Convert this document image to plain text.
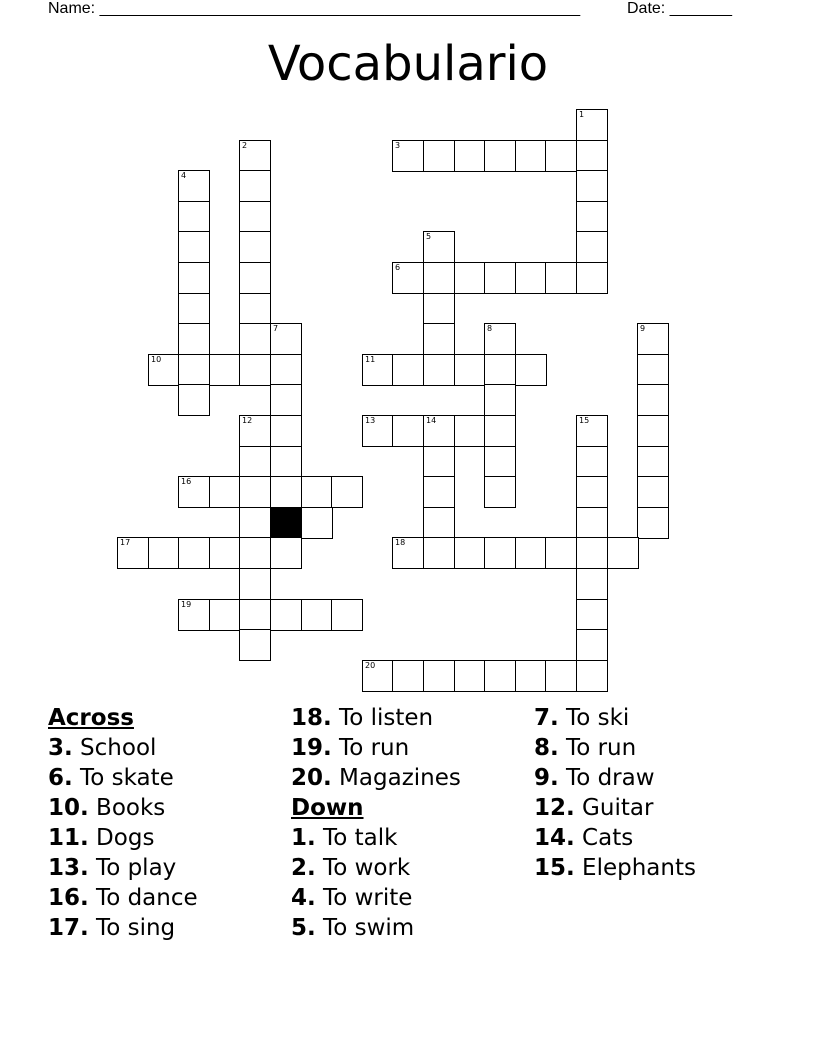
Name: ______________________________________________________	Date: _______
Vocabulario
1
2	3
4
5
6
7	8	9
10	11
12	13	14	15
16
17	18
19
20
Across
3. School
6. To skate
10. Books
11. Dogs
13. To play
16. To dance
17. To sing
18. To listen
19. To run
20. Magazines
Down
1. To talk
2. To work
4. To write
5. To swim
7. To ski
8. To run
9. To draw
12. Guitar
14. Cats
15. Elephants
